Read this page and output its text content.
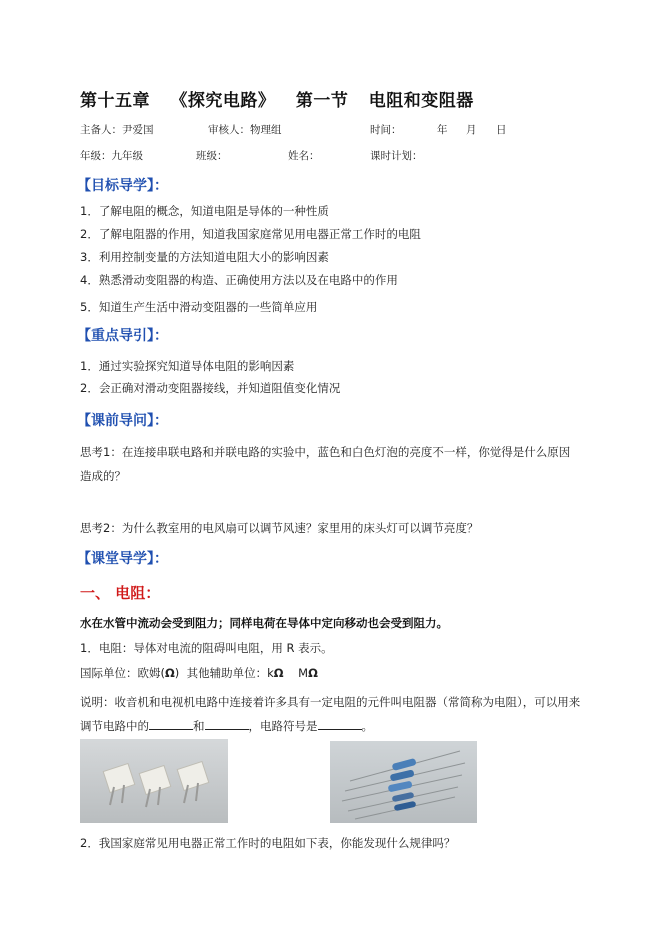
第十五章 《探究电路》 第一节 电阻和变阻器
主备人：尹爱国	审核人：物理组	时间：	年 月 日
年级：九年级	班级：	姓名：	课时计划：
【目标导学】：
1．了解电阻的概念，知道电阻是导体的一种性质
2．了解电阻器的作用，知道我国家庭常见用电器正常工作时的电阻
3．利用控制变量的方法知道电阻大小的影响因素
4．熟悉滑动变阻器的构造、正确使用方法以及在电路中的作用
5．知道生产生活中滑动变阻器的一些简单应用
【重点导引】：
1．通过实验探究知道导体电阻的影响因素
2．会正确对滑动变阻器接线，并知道阻值变化情况
【课前导问】：
思考1：在连接串联电路和并联电路的实验中，蓝色和白色灯泡的亮度不一样，你觉得是什么原因
造成的？
思考2：为什么教室用的电风扇可以调节风速？家里用的床头灯可以调节亮度？
【课堂导学】：
一、 电阻：
水在水管中流动会受到阻力；同样电荷在导体中定向移动也会受到阻力。
1．电阻：导体对电流的阻碍叫电阻，用 R 表示。
国际单位：欧姆(Ω) 其他辅助单位：kΩ MΩ
说明：收音机和电视机电路中连接着许多具有一定电阻的元件叫电阻器（常简称为电阻），可以用来
调节电路中的	和	，电路符号是	。
2．我国家庭常见用电器正常工作时的电阻如下表，你能发现什么规律吗？
